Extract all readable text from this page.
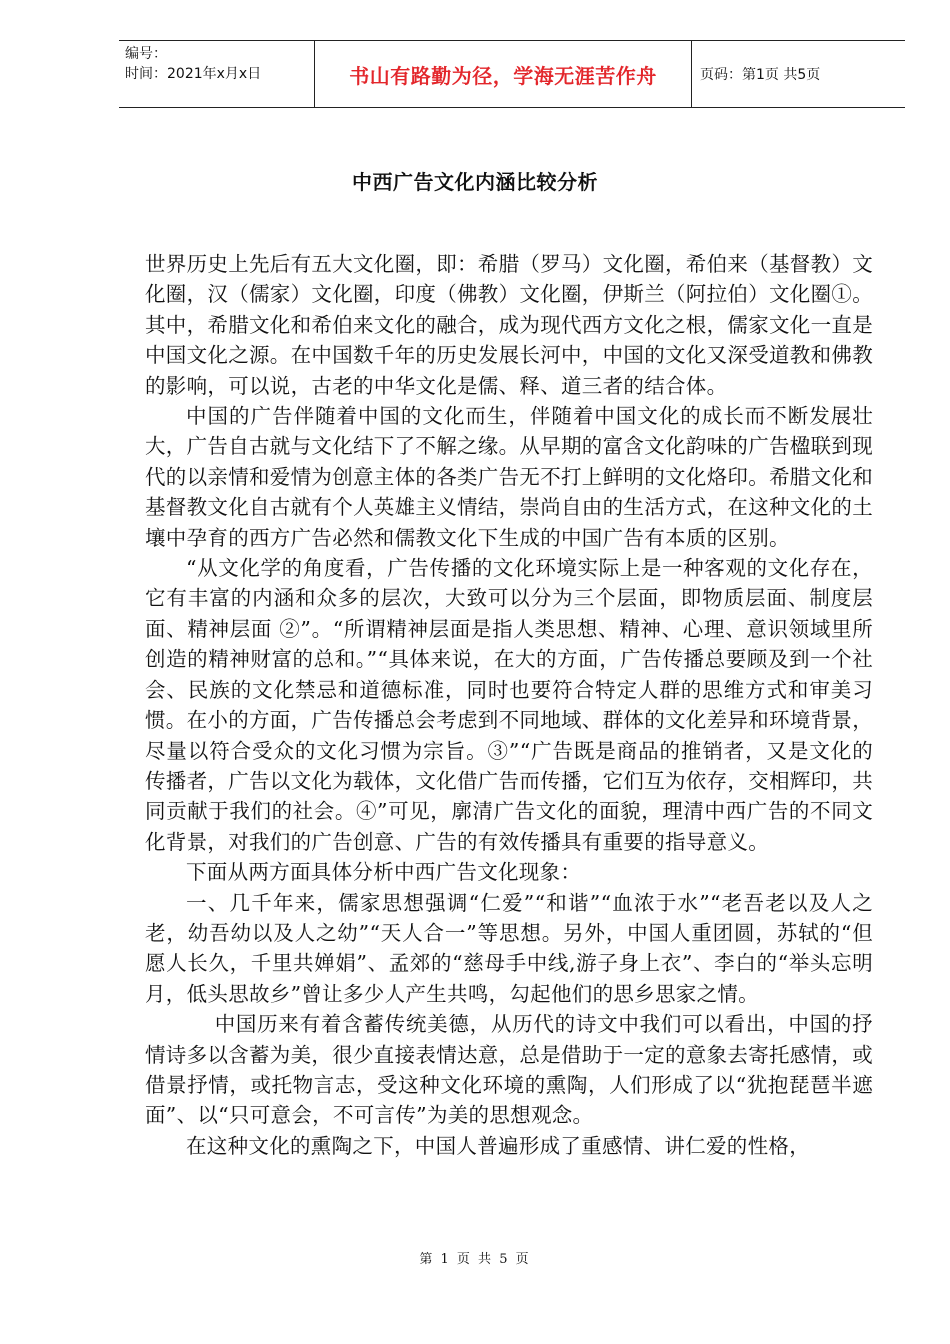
编号：
时间：2021年x月x日	书山有路勤为径，学海无涯苦作舟	页码：第1页 共5页
中西广告文化内涵比较分析

世界历史上先后有五大文化圈，即：希腊（罗马）文化圈，希伯来（基督教）文化圈，汉（儒家）文化圈，印度（佛教）文化圈，伊斯兰（阿拉伯）文化圈①。其中，希腊文化和希伯来文化的融合，成为现代西方文化之根，儒家文化一直是中国文化之源。在中国数千年的历史发展长河中，中国的文化又深受道教和佛教的影响，可以说，古老的中华文化是儒、释、道三者的结合体。

中国的广告伴随着中国的文化而生，伴随着中国文化的成长而不断发展壮大，广告自古就与文化结下了不解之缘。从早期的富含文化韵味的广告楹联到现代的以亲情和爱情为创意主体的各类广告无不打上鲜明的文化烙印。希腊文化和基督教文化自古就有个人英雄主义情结，崇尚自由的生活方式，在这种文化的土壤中孕育的西方广告必然和儒教文化下生成的中国广告有本质的区别。

“从文化学的角度看，广告传播的文化环境实际上是一种客观的文化存在，它有丰富的内涵和众多的层次，大致可以分为三个层面，即物质层面、制度层面、精神层面 ②”。“所谓精神层面是指人类思想、精神、心理、意识领域里所创造的精神财富的总和。”“具体来说，在大的方面，广告传播总要顾及到一个社会、民族的文化禁忌和道德标准，同时也要符合特定人群的思维方式和审美习惯。在小的方面，广告传播总会考虑到不同地域、群体的文化差异和环境背景，尽量以符合受众的文化习惯为宗旨。③”“广告既是商品的推销者，又是文化的传播者，广告以文化为载体，文化借广告而传播，它们互为依存，交相辉印，共同贡献于我们的社会。④”可见，廓清广告文化的面貌，理清中西广告的不同文化背景，对我们的广告创意、广告的有效传播具有重要的指导意义。

下面从两方面具体分析中西广告文化现象：

一、几千年来，儒家思想强调“仁爱”“和谐”“血浓于水”“老吾老以及人之老，幼吾幼以及人之幼”“天人合一”等思想。另外，中国人重团圆，苏轼的“但愿人长久，千里共婵娟”、孟郊的“慈母手中线,游子身上衣”、李白的“举头忘明月，低头思故乡”曾让多少人产生共鸣，勾起他们的思乡思家之情。

中国历来有着含蓄传统美德，从历代的诗文中我们可以看出，中国的抒情诗多以含蓄为美，很少直接表情达意，总是借助于一定的意象去寄托感情，或借景抒情，或托物言志，受这种文化环境的熏陶，人们形成了以“犹抱琵琶半遮面”、以“只可意会，不可言传”为美的思想观念。

在这种文化的熏陶之下，中国人普遍形成了重感情、讲仁爱的性格，

第 1 页 共 5 页
